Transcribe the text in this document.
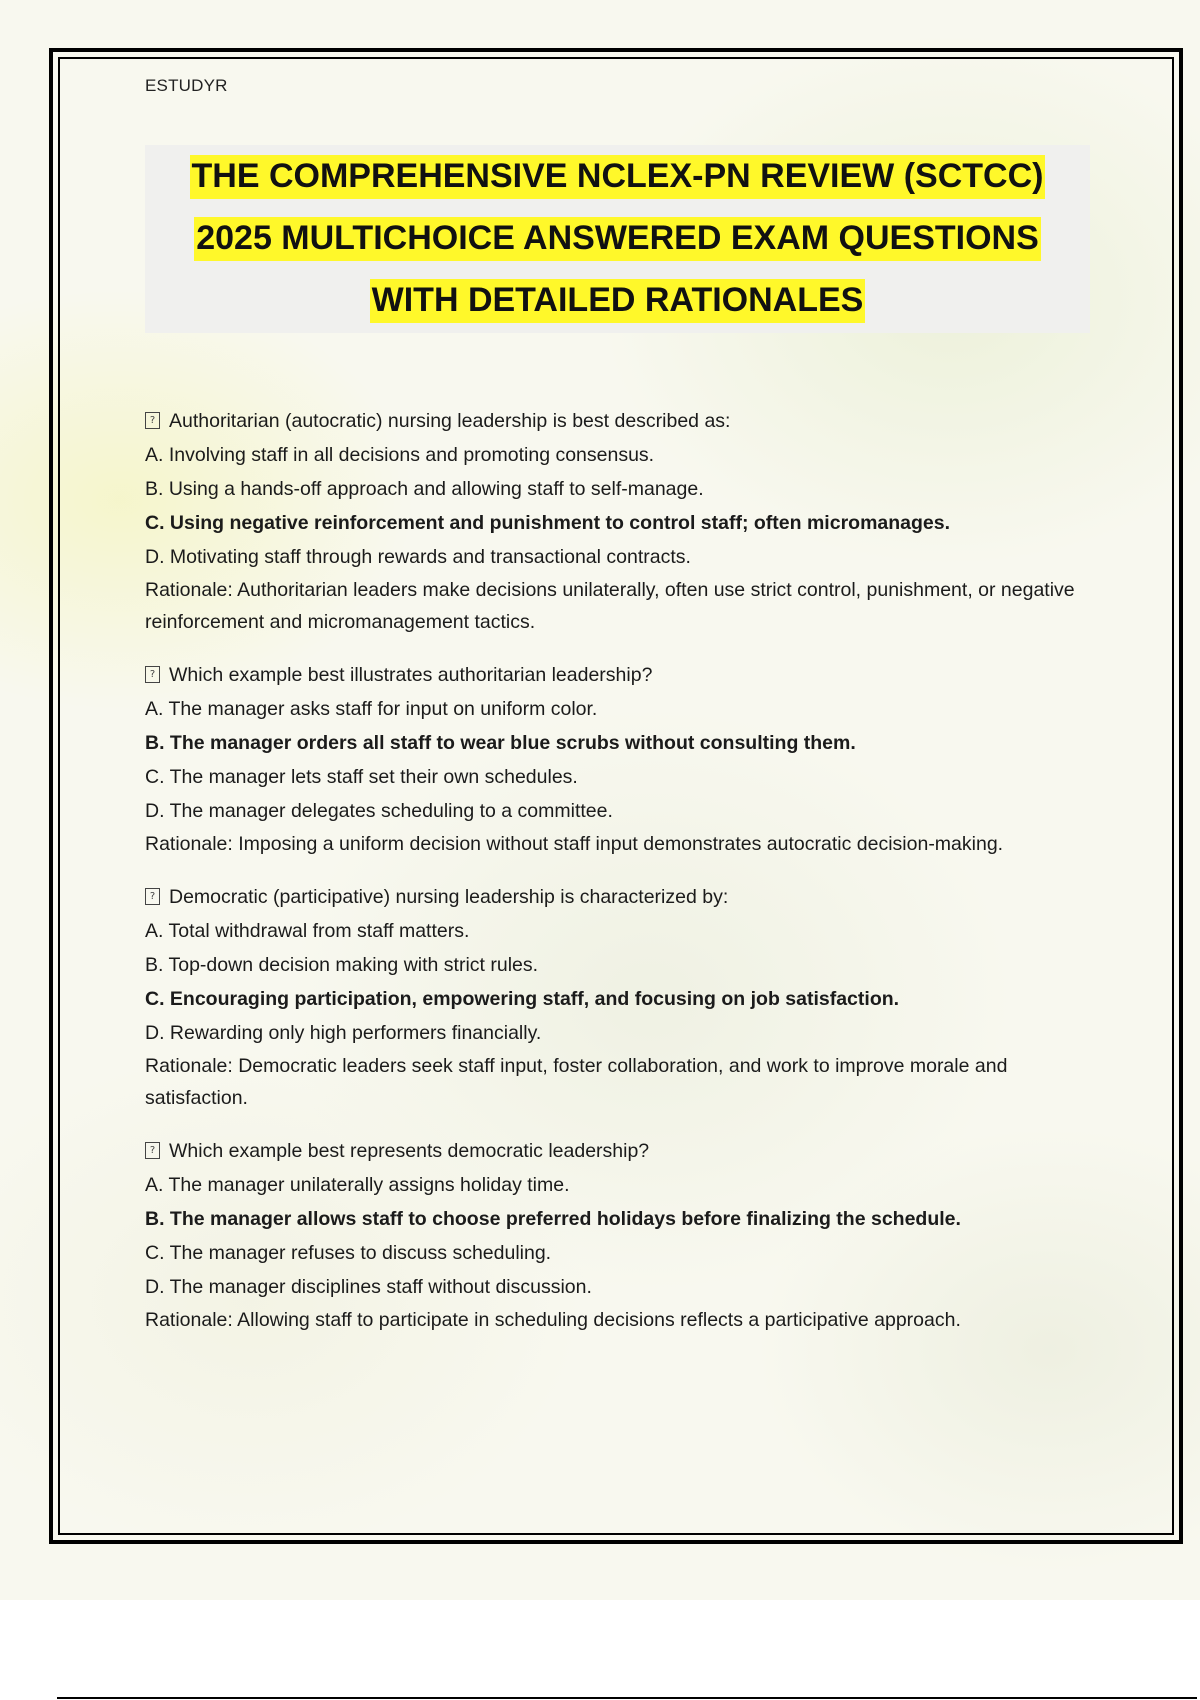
ESTUDYR
THE COMPREHENSIVE NCLEX-PN REVIEW (SCTCC)
2025 MULTICHOICE ANSWERED EXAM QUESTIONS
WITH DETAILED RATIONALES
? Authoritarian (autocratic) nursing leadership is best described as:
A. Involving staff in all decisions and promoting consensus.
B. Using a hands-off approach and allowing staff to self-manage.
C. Using negative reinforcement and punishment to control staff; often micromanages.
D. Motivating staff through rewards and transactional contracts.
Rationale: Authoritarian leaders make decisions unilaterally, often use strict control, punishment, or negative reinforcement and micromanagement tactics.
? Which example best illustrates authoritarian leadership?
A. The manager asks staff for input on uniform color.
B. The manager orders all staff to wear blue scrubs without consulting them.
C. The manager lets staff set their own schedules.
D. The manager delegates scheduling to a committee.
Rationale: Imposing a uniform decision without staff input demonstrates autocratic decision-making.
? Democratic (participative) nursing leadership is characterized by:
A. Total withdrawal from staff matters.
B. Top-down decision making with strict rules.
C. Encouraging participation, empowering staff, and focusing on job satisfaction.
D. Rewarding only high performers financially.
Rationale: Democratic leaders seek staff input, foster collaboration, and work to improve morale and satisfaction.
? Which example best represents democratic leadership?
A. The manager unilaterally assigns holiday time.
B. The manager allows staff to choose preferred holidays before finalizing the schedule.
C. The manager refuses to discuss scheduling.
D. The manager disciplines staff without discussion.
Rationale: Allowing staff to participate in scheduling decisions reflects a participative approach.
